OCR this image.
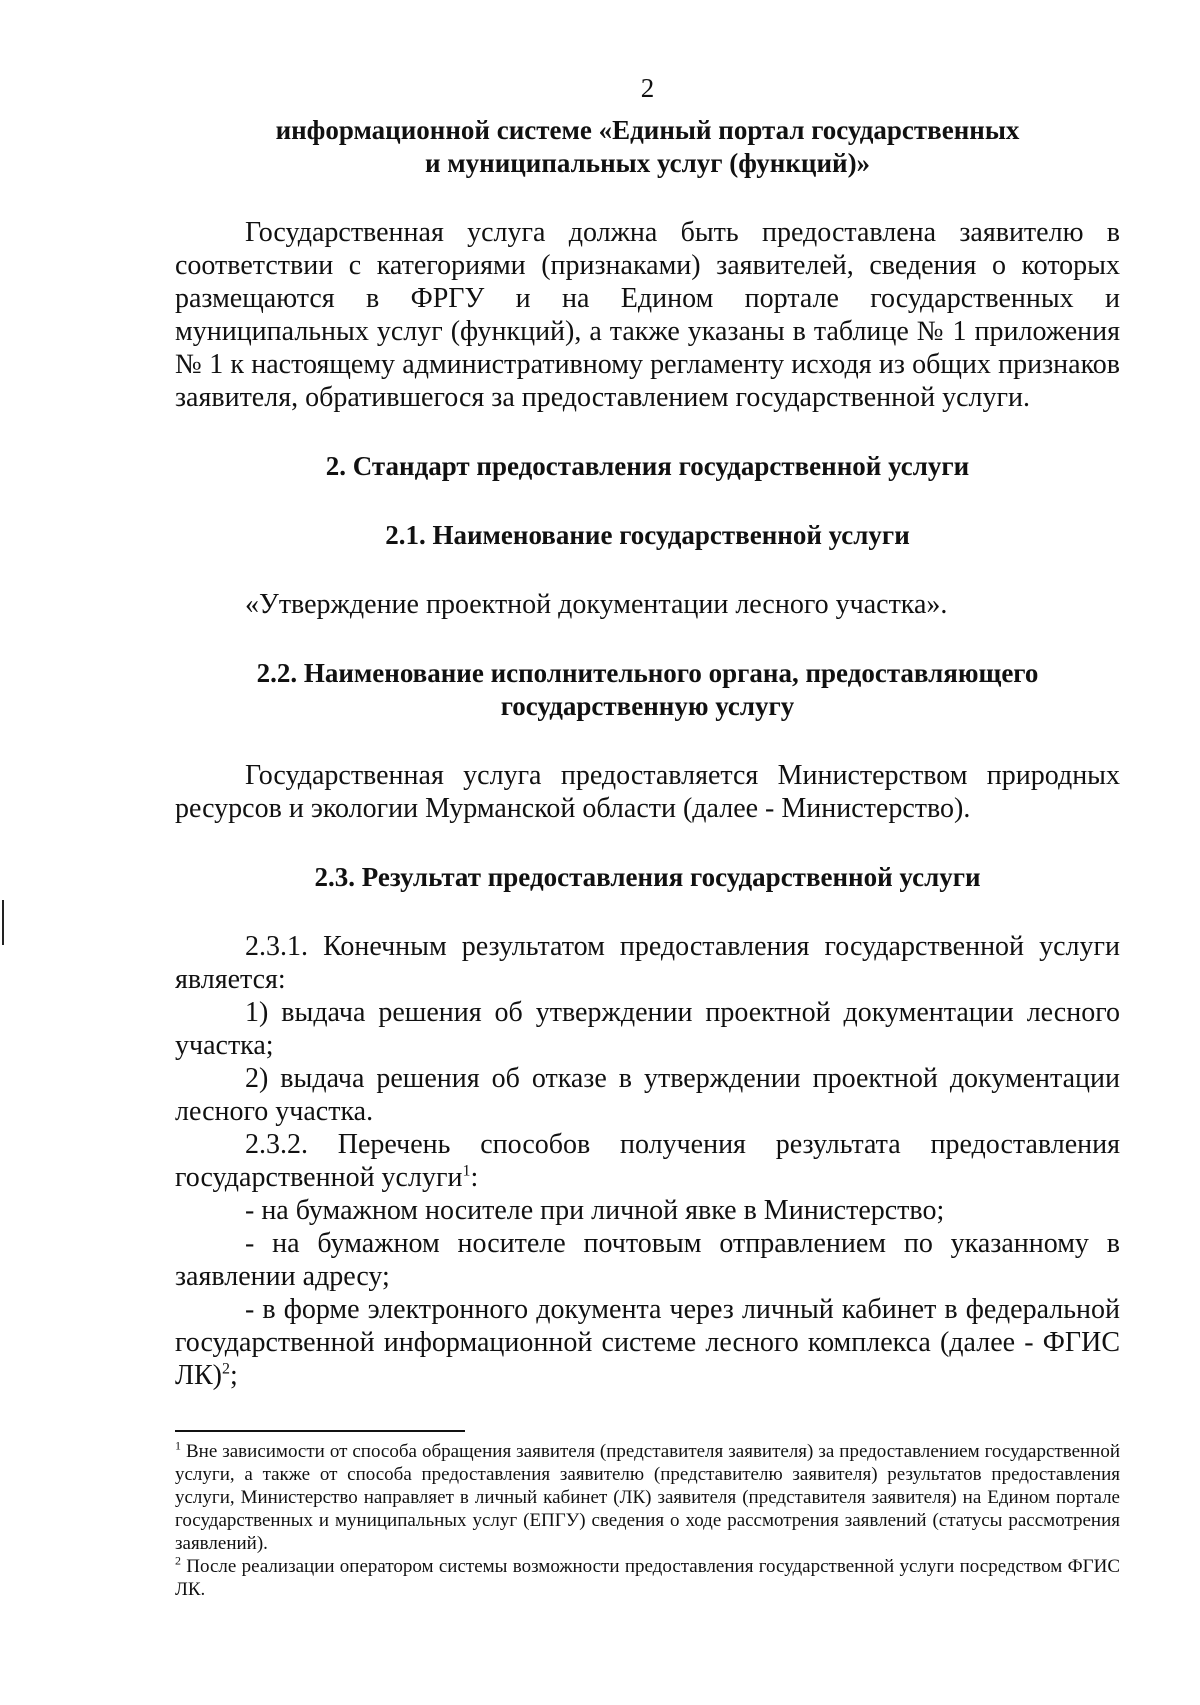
2
информационной системе «Единый портал государственных
и муниципальных услуг (функций)»

Государственная услуга должна быть предоставлена заявителю в соответствии с категориями (признаками) заявителей, сведения о которых размещаются в ФРГУ и на Едином портале государственных и муниципальных услуг (функций), а также указаны в таблице № 1 приложения № 1 к настоящему административному регламенту исходя из общих признаков заявителя, обратившегося за предоставлением государственной услуги.

2. Стандарт предоставления государственной услуги
2.1. Наименование государственной услуги

«Утверждение проектной документации лесного участка».

2.2. Наименование исполнительного органа, предоставляющего
государственную услугу

Государственная услуга предоставляется Министерством природных ресурсов и экологии Мурманской области (далее - Министерство).

2.3. Результат предоставления государственной услуги

2.3.1. Конечным результатом предоставления государственной услуги является:

1) выдача решения об утверждении проектной документации лесного участка;

2) выдача решения об отказе в утверждении проектной документации лесного участка.

2.3.2. Перечень способов получения результата предоставления государственной услуги$^1$:

- на бумажном носителе при личной явке в Министерство;

- на бумажном носителе почтовым отправлением по указанному в заявлении адресу;

- в форме электронного документа через личный кабинет в федеральной государственной информационной системе лесного комплекса (далее - ФГИС ЛК)$^2$;

$^1$ Вне зависимости от способа обращения заявителя (представителя заявителя) за предоставлением государственной услуги, а также от способа предоставления заявителю (представителю заявителя) результатов предоставления услуги, Министерство направляет в личный кабинет (ЛК) заявителя (представителя заявителя) на Едином портале государственных и муниципальных услуг (ЕПГУ) сведения о ходе рассмотрения заявлений (статусы рассмотрения заявлений).

$^2$ После реализации оператором системы возможности предоставления государственной услуги посредством ФГИС ЛК.
